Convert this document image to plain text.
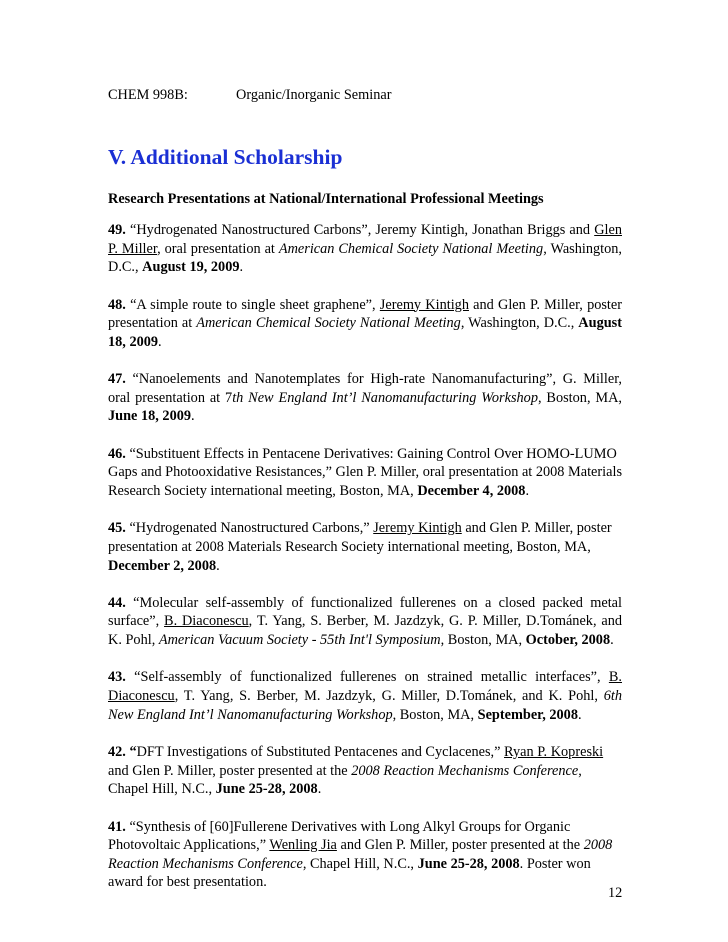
CHEM 998B:	Organic/Inorganic Seminar
V. Additional Scholarship
Research Presentations at National/International Professional Meetings

49. “Hydrogenated Nanostructured Carbons”, Jeremy Kintigh, Jonathan Briggs and Glen P. Miller, oral presentation at American Chemical Society National Meeting, Washington, D.C., August 19, 2009.

48. “A simple route to single sheet graphene”, Jeremy Kintigh and Glen P. Miller, poster presentation at American Chemical Society National Meeting, Washington, D.C., August 18, 2009.

47. “Nanoelements and Nanotemplates for High-rate Nanomanufacturing”, G. Miller, oral presentation at 7th New England Int’l Nanomanufacturing Workshop, Boston, MA, June 18, 2009.

46. “Substituent Effects in Pentacene Derivatives: Gaining Control Over HOMO-LUMO Gaps and Photooxidative Resistances,” Glen P. Miller, oral presentation at 2008 Materials Research Society international meeting, Boston, MA, December 4, 2008.

45. “Hydrogenated Nanostructured Carbons,” Jeremy Kintigh and Glen P. Miller, poster presentation at 2008 Materials Research Society international meeting, Boston, MA, December 2, 2008.

44. “Molecular self-assembly of functionalized fullerenes on a closed packed metal surface”, B. Diaconescu, T. Yang, S. Berber, M. Jazdzyk, G. P. Miller, D.Tománek, and K. Pohl, American Vacuum Society - 55th Int'l Symposium, Boston, MA, October, 2008.

43. “Self-assembly of functionalized fullerenes on strained metallic interfaces”, B. Diaconescu, T. Yang, S. Berber, M. Jazdzyk, G. Miller, D.Tománek, and K. Pohl, 6th New England Int’l Nanomanufacturing Workshop, Boston, MA, September, 2008.

42. “DFT Investigations of Substituted Pentacenes and Cyclacenes,” Ryan P. Kopreski and Glen P. Miller, poster presented at the 2008 Reaction Mechanisms Conference, Chapel Hill, N.C., June 25-28, 2008.

41. “Synthesis of [60]Fullerene Derivatives with Long Alkyl Groups for Organic Photovoltaic Applications,” Wenling Jia and Glen P. Miller, poster presented at the 2008 Reaction Mechanisms Conference, Chapel Hill, N.C., June 25-28, 2008. Poster won award for best presentation.

12
